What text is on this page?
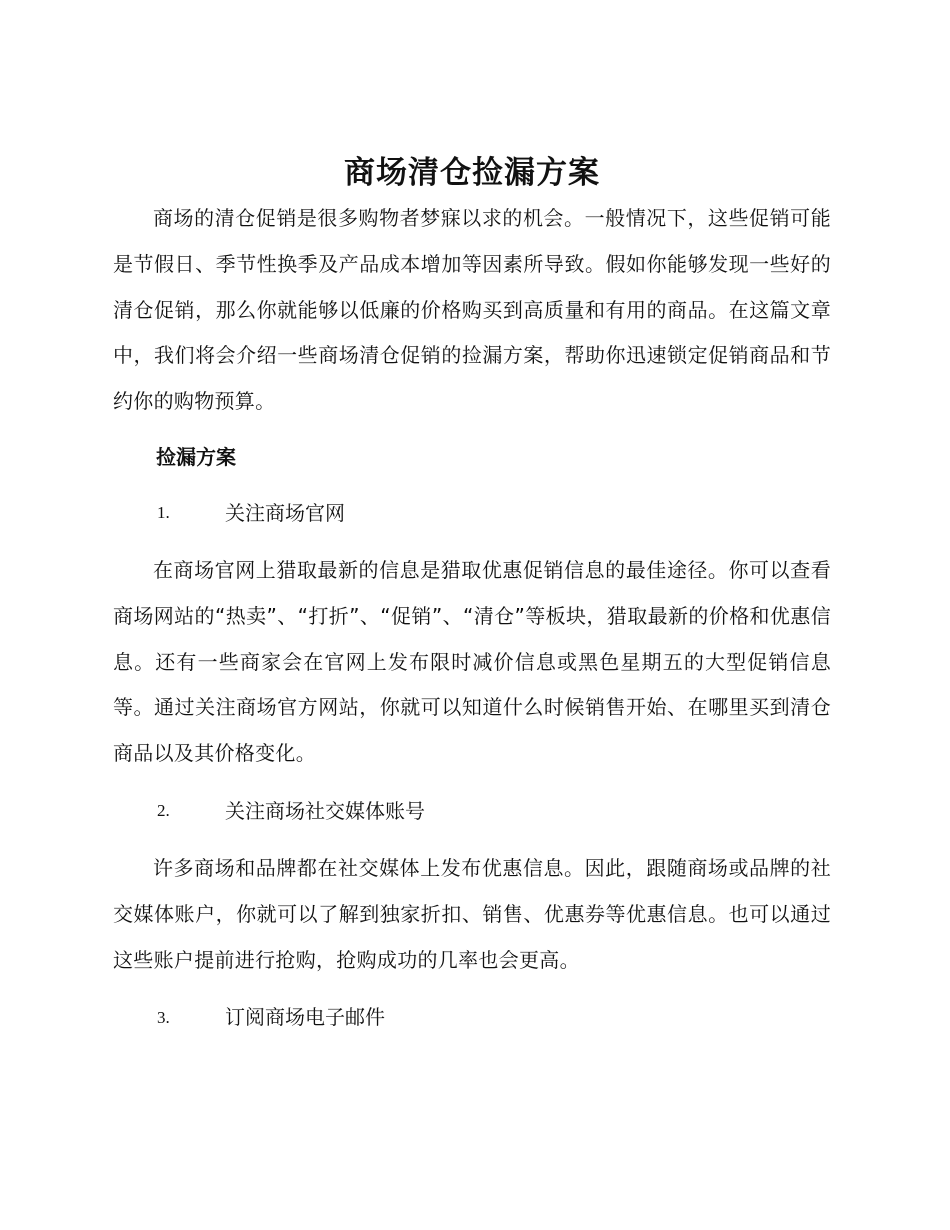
商场清仓捡漏方案

商场的清仓促销是很多购物者梦寐以求的机会。一般情况下，这些促销可能是节假日、季节性换季及产品成本增加等因素所导致。假如你能够发现一些好的清仓促销，那么你就能够以低廉的价格购买到高质量和有用的商品。在这篇文章中，我们将会介绍一些商场清仓促销的捡漏方案，帮助你迅速锁定促销商品和节约你的购物预算。

捡漏方案
1.	关注商场官网

在商场官网上猎取最新的信息是猎取优惠促销信息的最佳途径。你可以查看商场网站的“热卖”、“打折”、“促销”、“清仓”等板块，猎取最新的价格和优惠信息。还有一些商家会在官网上发布限时减价信息或黑色星期五的大型促销信息等。通过关注商场官方网站，你就可以知道什么时候销售开始、在哪里买到清仓商品以及其价格变化。

2.	关注商场社交媒体账号

许多商场和品牌都在社交媒体上发布优惠信息。因此，跟随商场或品牌的社交媒体账户，你就可以了解到独家折扣、销售、优惠券等优惠信息。也可以通过这些账户提前进行抢购，抢购成功的几率也会更高。

3.	订阅商场电子邮件
